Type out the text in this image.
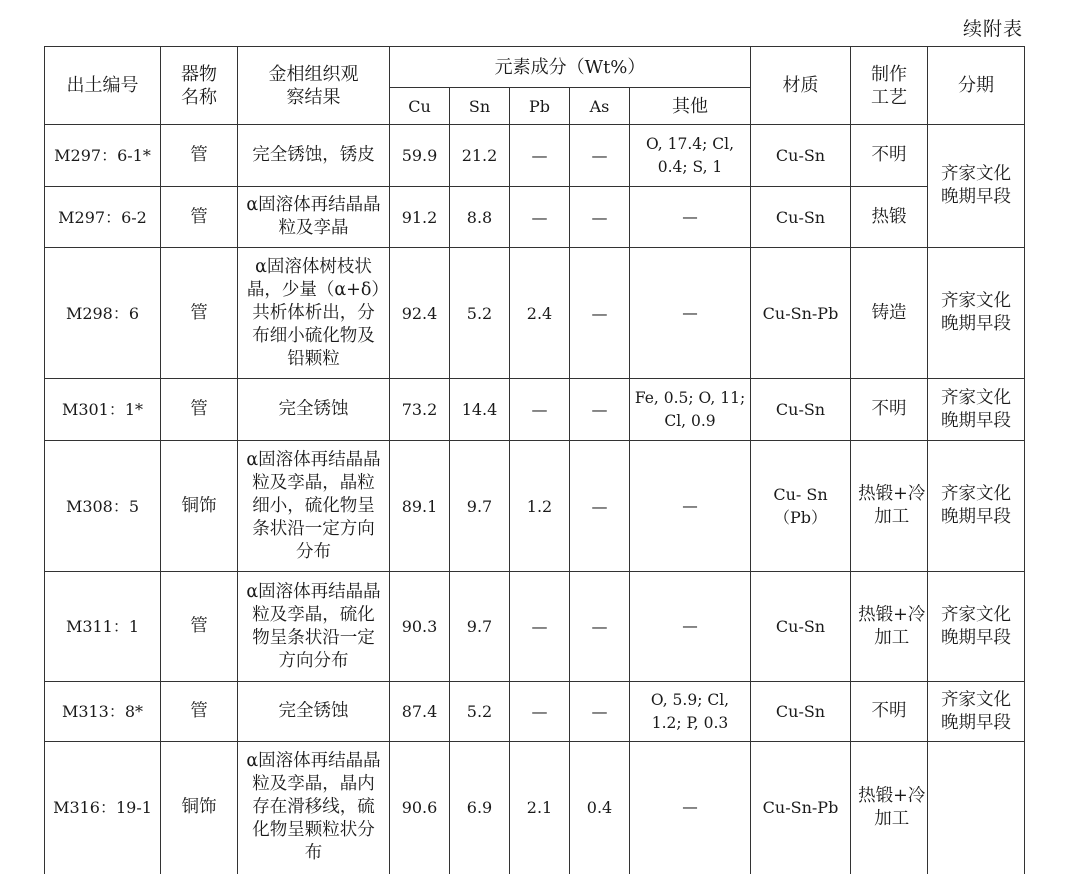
续附表
出土编号	器物名称	金相组织观察结果	元素成分（Wt%）					材质	制作工艺	分期
			Cu	Sn	Pb	As	其他			
M297：6-1*	管	完全锈蚀，锈皮	59.9	21.2	—	—	O, 17.4; Cl, 0.4; S, 1	Cu-Sn	不明	齐家文化晚期早段

M297：6-2	管	α固溶体再结晶晶粒及孪晶	91.2	8.8	—	—	—	Cu-Sn	热锻	
M298：6	管	α固溶体树枝状晶，少量（α+δ）共析体析出，分布细小硫化物及铅颗粒	92.4	5.2	2.4	—	—	Cu-Sn-Pb	铸造	齐家文化晚期早段

M301：1*	管	完全锈蚀	73.2	14.4	—	—	Fe, 0.5; O, 11; Cl, 0.9	Cu-Sn	不明	齐家文化晚期早段

M308：5	铜饰	α固溶体再结晶晶粒及孪晶，晶粒细小，硫化物呈条状沿一定方向分布	89.1	9.7	1.2	—	—	Cu- Sn（Pb）	热锻+冷加工	齐家文化晚期早段

M311：1	管	α固溶体再结晶晶粒及孪晶，硫化物呈条状沿一定方向分布	90.3	9.7	—	—	—	Cu-Sn	热锻+冷加工	齐家文化晚期早段

M313：8*	管	完全锈蚀	87.4	5.2	—	—	O, 5.9; Cl, 1.2; P, 0.3	Cu-Sn	不明	齐家文化晚期早段

M316：19-1	铜饰	α固溶体再结晶晶粒及孪晶，晶内存在滑移线，硫化物呈颗粒状分布	90.6	6.9	2.1	0.4	—	Cu-Sn-Pb	热锻+冷加工	
